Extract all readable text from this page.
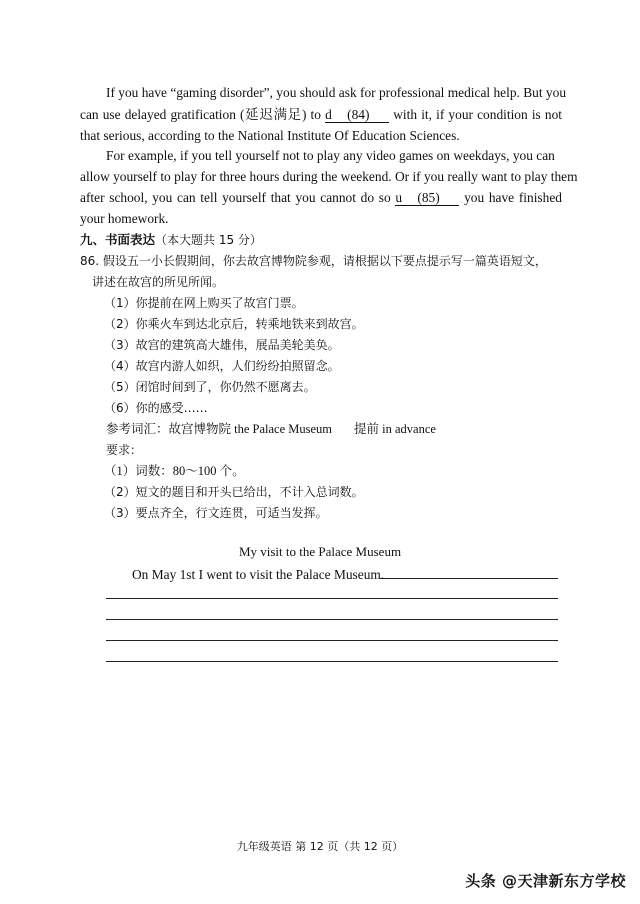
If you have “gaming disorder”, you should ask for professional medical help. But you
can use delayed gratification (延迟满足) to d (84) with it, if your condition is not
that serious, according to the National Institute Of Education Sciences.
For example, if you tell yourself not to play any video games on weekdays, you can
allow yourself to play for three hours during the weekend. Or if you really want to play them
after school, you can tell yourself that you cannot do so u (85) you have finished
your homework.
九、书面表达（本大题共 15 分）
86. 假设五一小长假期间，你去故宫博物院参观，请根据以下要点提示写一篇英语短文，
讲述在故宫的所见所闻。
（1）你提前在网上购买了故宫门票。
（2）你乘火车到达北京后，转乘地铁来到故宫。
（3）故宫的建筑高大雄伟，展品美轮美奂。
（4）故宫内游人如织，人们纷纷拍照留念。
（5）闭馆时间到了，你仍然不愿离去。
（6）你的感受……
参考词汇：故宫博物院 the Palace Museum 提前 in advance
要求：
（1）词数：80～100 个。
（2）短文的题目和开头已给出，不计入总词数。
（3）要点齐全，行文连贯，可适当发挥。
My visit to the Palace Museum
On May 1st I went to visit the Palace Museum.
九年级英语 第 12 页（共 12 页）
头条 @天津新东方学校
